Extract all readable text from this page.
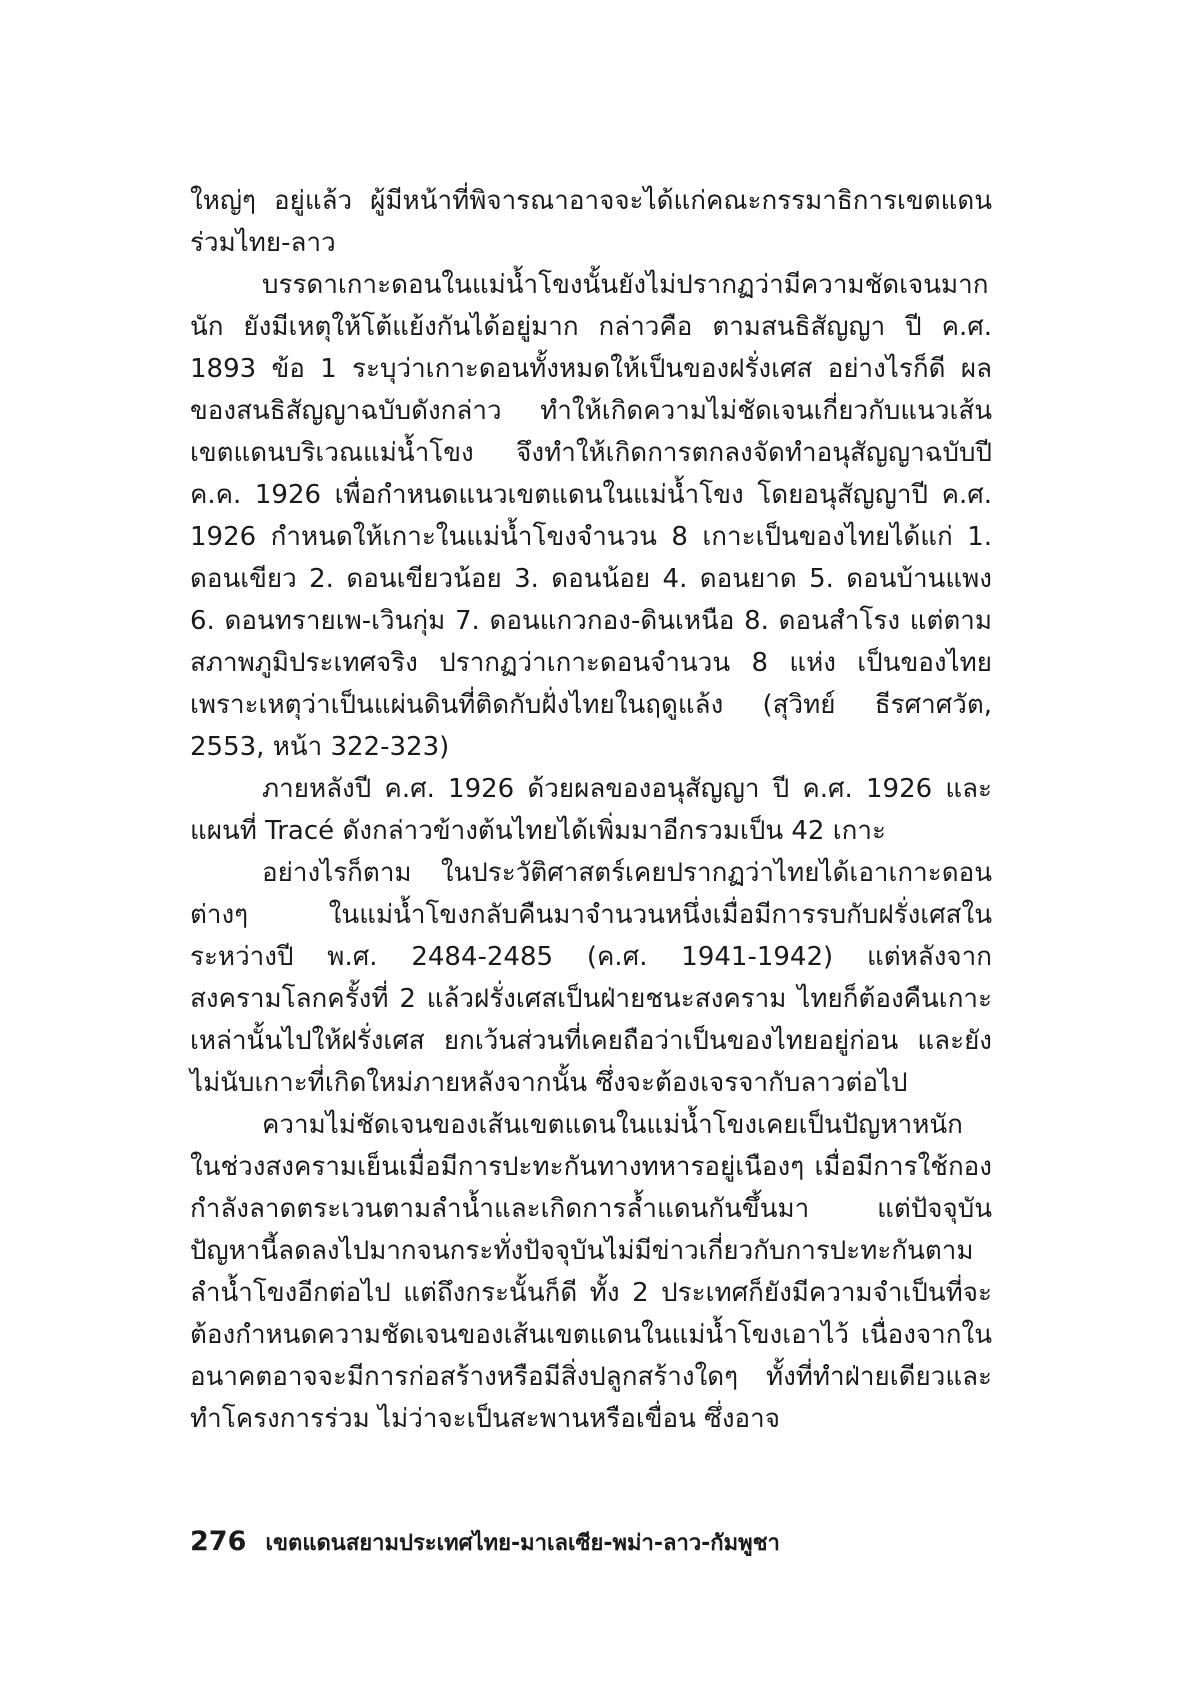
ใหญ่ๆ อยู่แล้ว ผู้มีหน้าที่พิจารณาอาจจะได้แก่คณะกรรมาธิการเขตแดนร่วมไทย-ลาว

บรรดาเกาะดอนในแม่น้ำโขงนั้นยังไม่ปรากฏว่ามีความชัดเจนมากนัก ยังมีเหตุให้โต้แย้งกันได้อยู่มาก กล่าวคือ ตามสนธิสัญญา ปี ค.ศ. 1893 ข้อ 1 ระบุว่าเกาะดอนทั้งหมดให้เป็นของฝรั่งเศส อย่างไรก็ดี ผลของสนธิสัญญาฉบับดังกล่าว ทำให้เกิดความไม่ชัดเจนเกี่ยวกับแนวเส้นเขตแดนบริเวณแม่น้ำโขง จึงทำให้เกิดการตกลงจัดทำอนุสัญญาฉบับปี ค.ค. 1926 เพื่อกำหนดแนวเขตแดนในแม่น้ำโขง โดยอนุสัญญาปี ค.ศ. 1926 กำหนดให้เกาะในแม่น้ำโขงจำนวน 8 เกาะเป็นของไทยได้แก่ 1. ดอนเขียว 2. ดอนเขียวน้อย 3. ดอนน้อย 4. ดอนยาด 5. ดอนบ้านแพง 6. ดอนทรายเพ-เวินกุ่ม 7. ดอนแกวกอง-ดินเหนือ 8. ดอนสำโรง แต่ตามสภาพภูมิประเทศจริง ปรากฏว่าเกาะดอนจำนวน 8 แห่ง เป็นของไทยเพราะเหตุว่าเป็นแผ่นดินที่ติดกับฝั่งไทยในฤดูแล้ง (สุวิทย์ ธีรศาศวัต, 2553, หน้า 322-323)

ภายหลังปี ค.ศ. 1926 ด้วยผลของอนุสัญญา ปี ค.ศ. 1926 และแผนที่ Tracé ดังกล่าวข้างต้นไทยได้เพิ่มมาอีกรวมเป็น 42 เกาะ

อย่างไรก็ตาม ในประวัติศาสตร์เคยปรากฏว่าไทยได้เอาเกาะดอนต่างๆ ในแม่น้ำโขงกลับคืนมาจำนวนหนึ่งเมื่อมีการรบกับฝรั่งเศสในระหว่างปี พ.ศ. 2484-2485 (ค.ศ. 1941-1942) แต่หลังจากสงครามโลกครั้งที่ 2 แล้วฝรั่งเศสเป็นฝ่ายชนะสงคราม ไทยก็ต้องคืนเกาะเหล่านั้นไปให้ฝรั่งเศส ยกเว้นส่วนที่เคยถือว่าเป็นของไทยอยู่ก่อน และยังไม่นับเกาะที่เกิดใหม่ภายหลังจากนั้น ซึ่งจะต้องเจรจากับลาวต่อไป

ความไม่ชัดเจนของเส้นเขตแดนในแม่น้ำโขงเคยเป็นปัญหาหนักในช่วงสงครามเย็นเมื่อมีการปะทะกันทางทหารอยู่เนืองๆ เมื่อมีการใช้กองกำลังลาดตระเวนตามลำน้ำและเกิดการล้ำแดนกันขึ้นมา แต่ปัจจุบันปัญหานี้ลดลงไปมากจนกระทั่งปัจจุบันไม่มีข่าวเกี่ยวกับการปะทะกันตามลำน้ำโขงอีกต่อไป แต่ถึงกระนั้นก็ดี ทั้ง 2 ประเทศก็ยังมีความจำเป็นที่จะต้องกำหนดความชัดเจนของเส้นเขตแดนในแม่น้ำโขงเอาไว้ เนื่องจากในอนาคตอาจจะมีการก่อสร้างหรือมีสิ่งปลูกสร้างใดๆ ทั้งที่ทำฝ่ายเดียวและทำโครงการร่วม ไม่ว่าจะเป็นสะพานหรือเขื่อน ซึ่งอาจ

276 เขตแดนสยามประเทศไทย-มาเลเซีย-พม่า-ลาว-กัมพูชา
